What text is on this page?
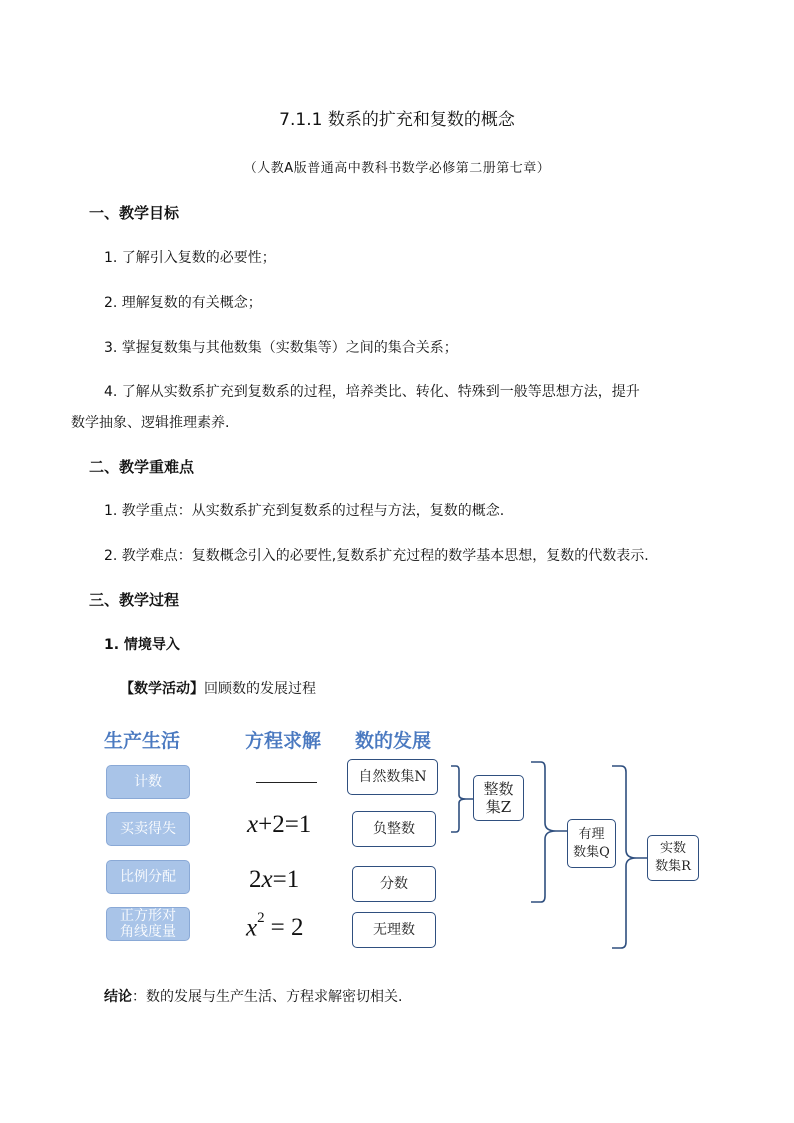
7.1.1 数系的扩充和复数的概念
（人教A版普通高中教科书数学必修第二册第七章）
一、教学目标
1. 了解引入复数的必要性；
2. 理解复数的有关概念；
3. 掌握复数集与其他数集（实数集等）之间的集合关系；
4. 了解从实数系扩充到复数系的过程，培养类比、转化、特殊到一般等思想方法，提升
数学抽象、逻辑推理素养.
二、教学重难点
1. 教学重点：从实数系扩充到复数系的过程与方法，复数的概念.
2. 教学难点：复数概念引入的必要性,复数系扩充过程的数学基本思想，复数的代数表示.
三、教学过程
1. 情境导入
【数学活动】回顾数的发展过程
生产生活	方程求解 数的发展
计数
买卖得失
比例分配
正方形对
角线度量
x+2=1
2x=1
$x^2 = 2$
自然数集N
负整数
分数
无理数
整数
集Z
有理
数集Q	实数
数集R
结论：数的发展与生产生活、方程求解密切相关.
